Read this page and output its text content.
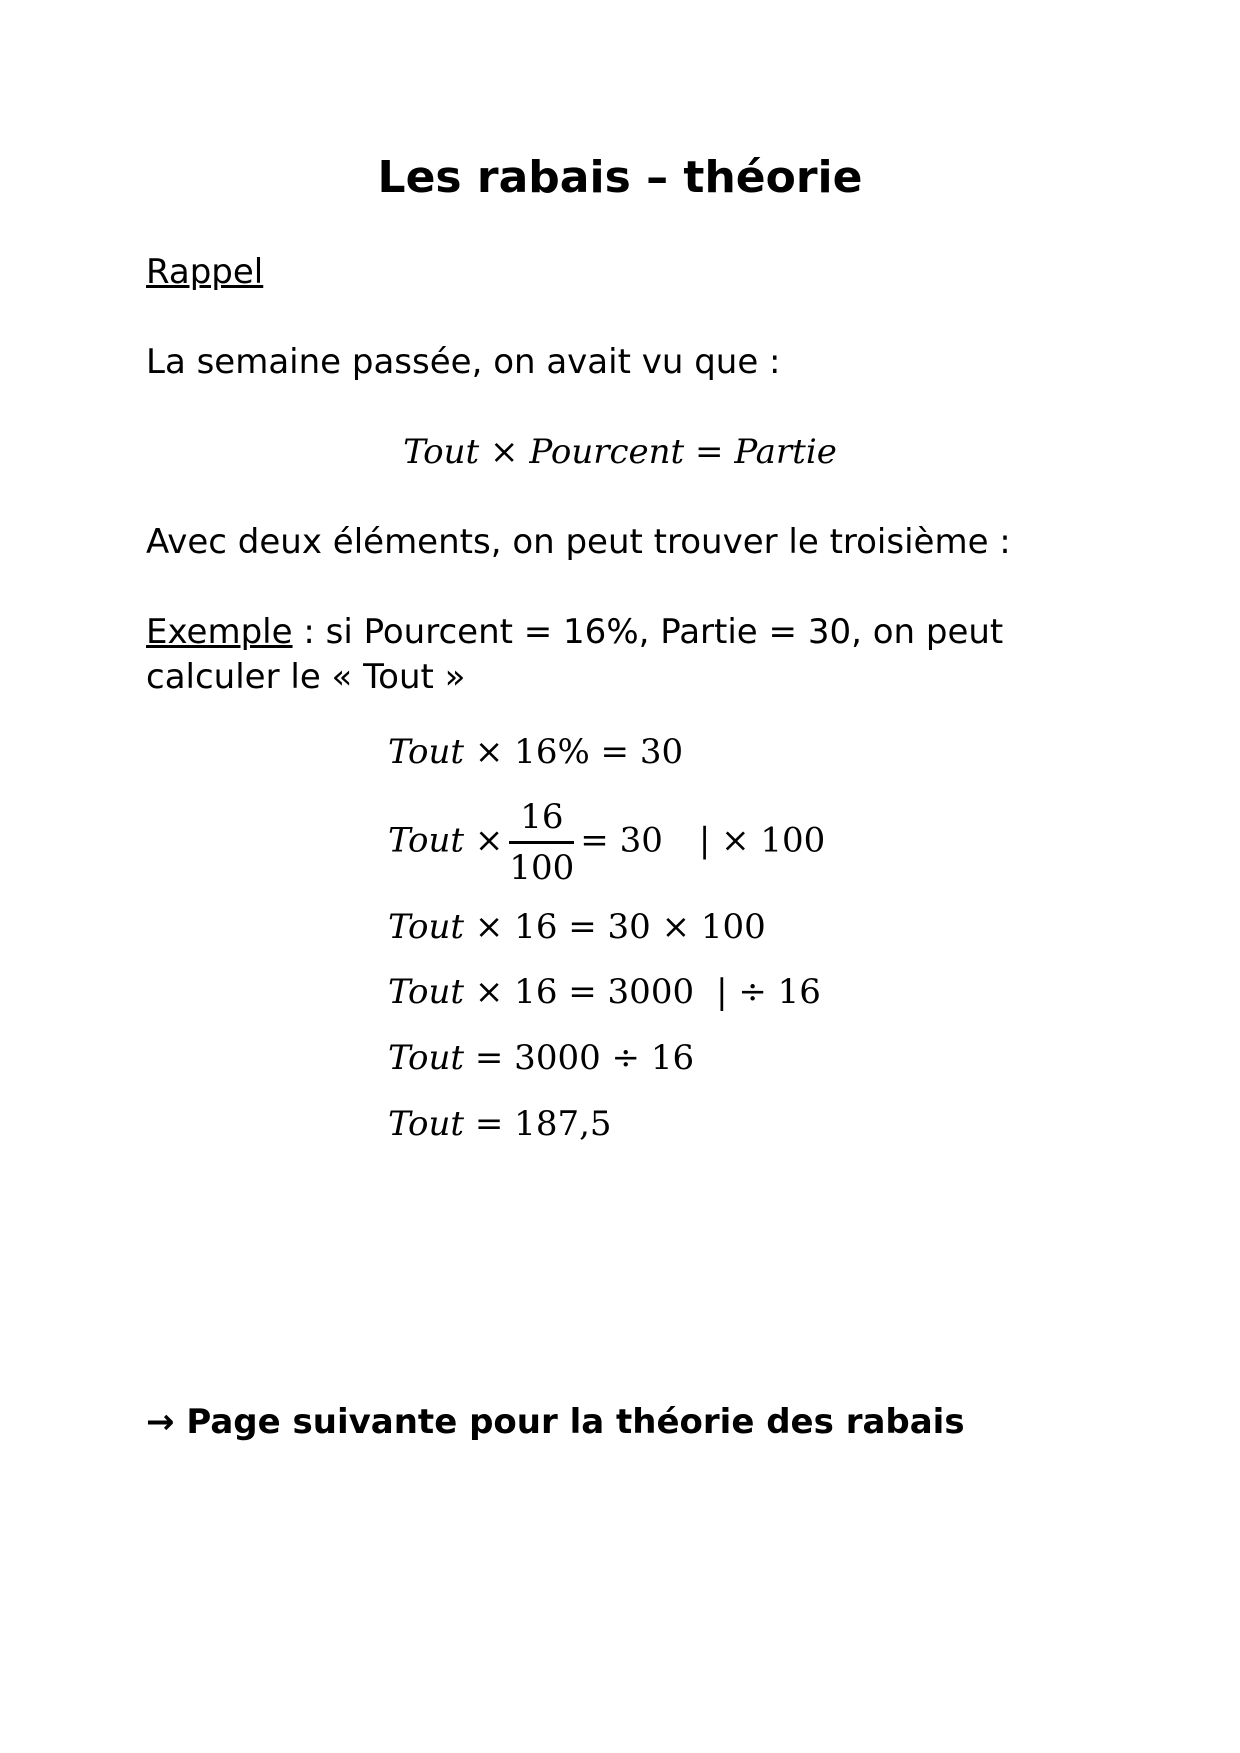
Les rabais – théorie
Rappel
La semaine passée, on avait vu que :
Tout × Pourcent = Partie
Avec deux éléments, on peut trouver le troisième :
Exemple : si Pourcent = 16%, Partie = 30, on peut
calculer le « Tout »
Tout × 16% = 30
Tout × $\frac{16}{100} = 30$ | × 100
Tout × 16 = 30 × 100
Tout × 16 = 3000 | ÷ 16
Tout = 3000 ÷ 16
Tout = 187,5
→ Page suivante pour la théorie des rabais
